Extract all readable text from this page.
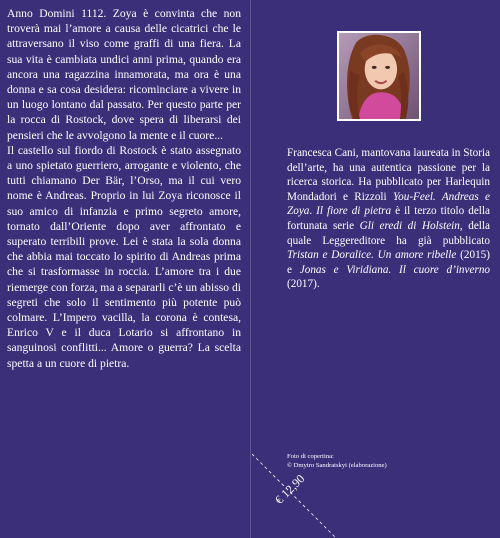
Anno Domini 1112. Zoya è convinta che non troverà mai l’amore a causa delle cicatrici che le attraversano il viso come graffi di una fiera. La sua vita è cambiata undici anni prima, quando era ancora una ragazzina innamorata, ma ora è una donna e sa cosa desidera: ricominciare a vivere in un luogo lontano dal passato. Per questo parte per la rocca di Rostock, dove spera di liberarsi dei pensieri che le avvolgono la mente e il cuore...
Il castello sul fiordo di Rostock è stato assegnato a uno spietato guerriero, arrogante e violento, che tutti chiamano Der Bär, l’Orso, ma il cui vero nome è Andreas. Proprio in lui Zoya riconosce il suo amico di infanzia e primo segreto amore, tornato dall’Oriente dopo aver affrontato e superato terribili prove. Lei è stata la sola donna che abbia mai toccato lo spirito di Andreas prima che si trasformasse in roccia. L’amore tra i due riemerge con forza, ma a separarli c’è un abisso di segreti che solo il sentimento più potente può colmare. L’Impero vacilla, la corona è contesa, Enrico V e il duca Lotario si affrontano in sanguinosi conflitti... Amore o guerra? La scelta spetta a un cuore di pietra.

Francesca Cani, mantovana laureata in Storia dell’arte, ha una autentica passione per la ricerca storica. Ha pubblicato per Harlequin Mondadori e Rizzoli You-Feel. Andreas e Zoya. Il fiore di pietra è il terzo titolo della fortunata serie Gli eredi di Holstein, della quale Leggereditore ha già pubblicato Tristan e Doralice. Un amore ribelle (2015) e Jonas e Viridiana. Il cuore d’inverno (2017).
Foto di copertina:
© Dmytro Sandratskyi (elaborazione)
€ 12,90
